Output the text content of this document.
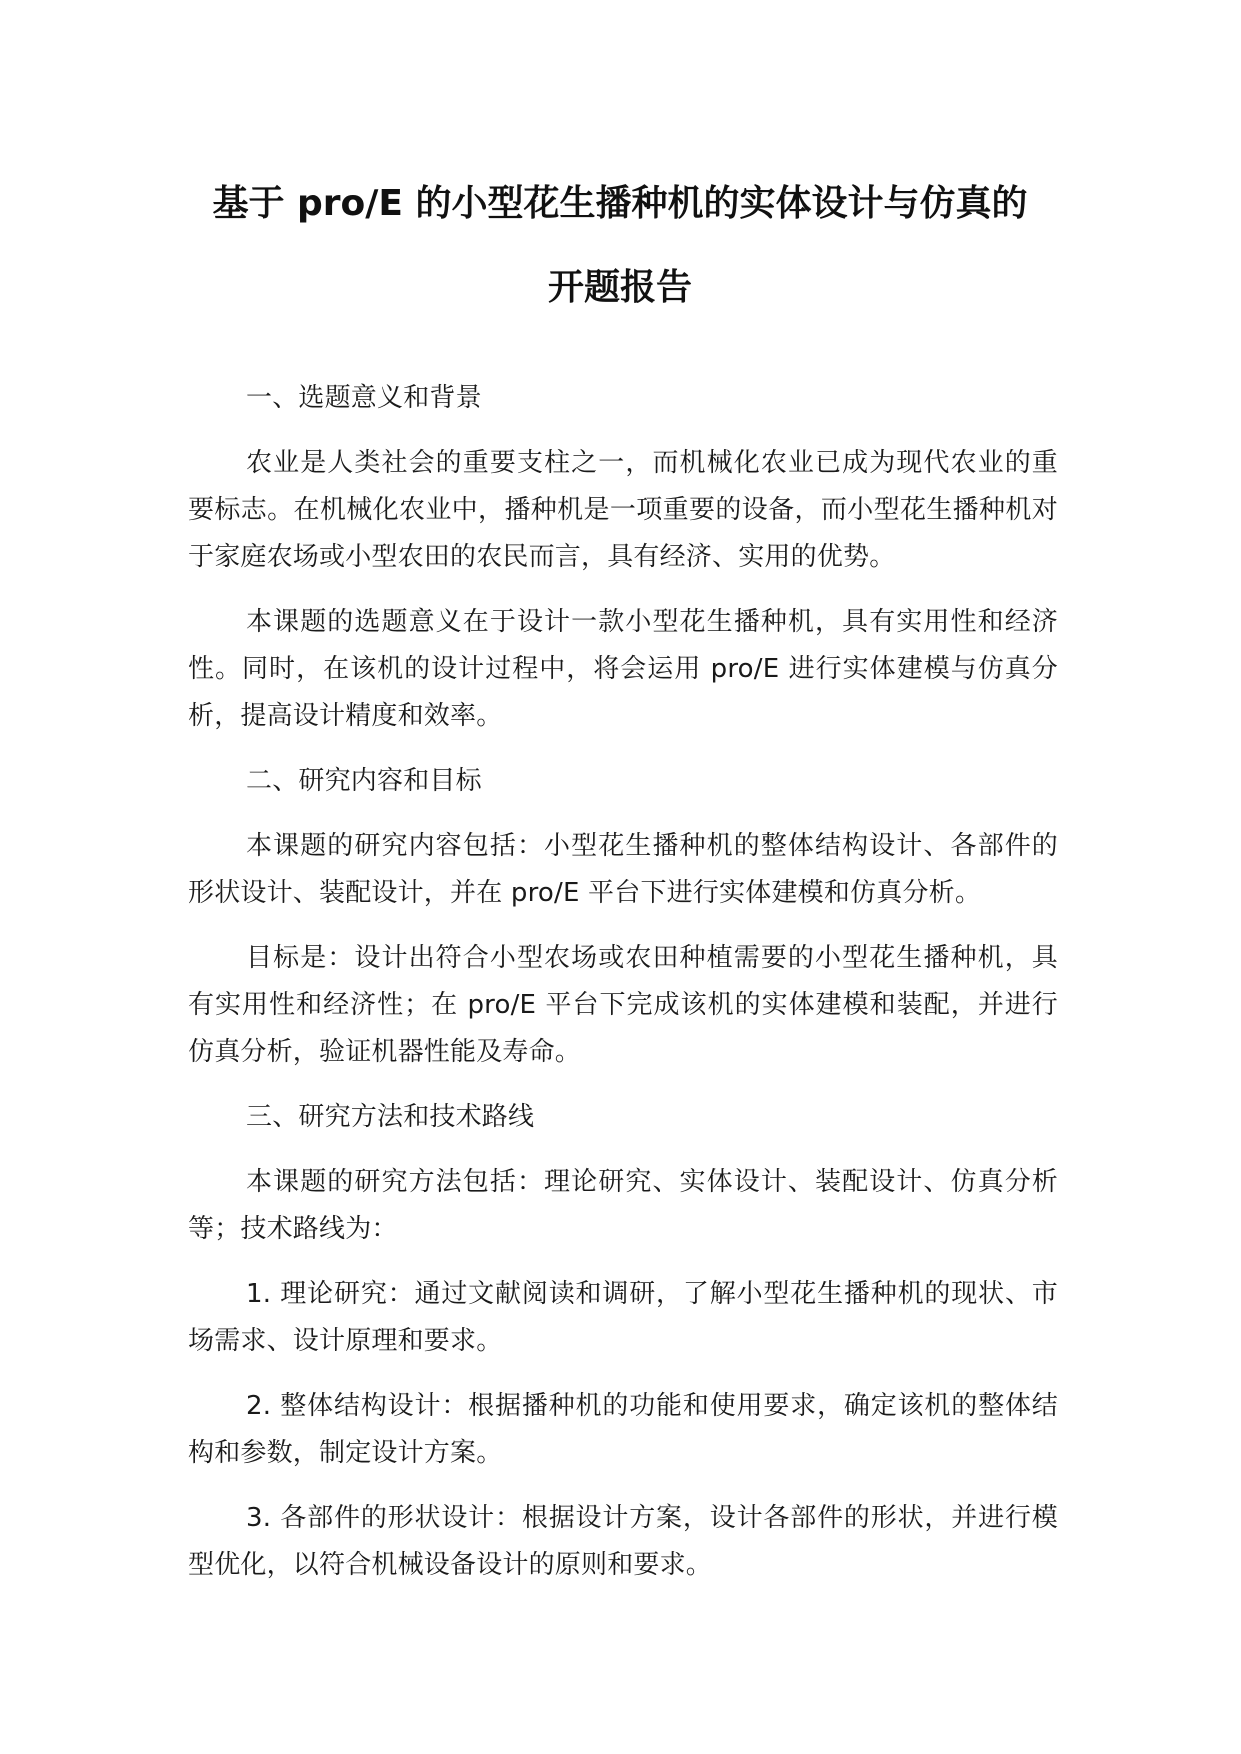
基于 pro/E 的小型花生播种机的实体设计与仿真的
开题报告
一、选题意义和背景
农业是人类社会的重要支柱之一，而机械化农业已成为现代农业的重要标志。在机械化农业中，播种机是一项重要的设备，而小型花生播种机对于家庭农场或小型农田的农民而言，具有经济、实用的优势。
本课题的选题意义在于设计一款小型花生播种机，具有实用性和经济性。同时，在该机的设计过程中，将会运用 pro/E 进行实体建模与仿真分析，提高设计精度和效率。
二、研究内容和目标
本课题的研究内容包括：小型花生播种机的整体结构设计、各部件的形状设计、装配设计，并在 pro/E 平台下进行实体建模和仿真分析。
目标是：设计出符合小型农场或农田种植需要的小型花生播种机，具有实用性和经济性；在 pro/E 平台下完成该机的实体建模和装配，并进行仿真分析，验证机器性能及寿命。
三、研究方法和技术路线
本课题的研究方法包括：理论研究、实体设计、装配设计、仿真分析等；技术路线为：
1. 理论研究：通过文献阅读和调研，了解小型花生播种机的现状、市场需求、设计原理和要求。
2. 整体结构设计：根据播种机的功能和使用要求，确定该机的整体结构和参数，制定设计方案。
3. 各部件的形状设计：根据设计方案，设计各部件的形状，并进行模型优化，以符合机械设备设计的原则和要求。
